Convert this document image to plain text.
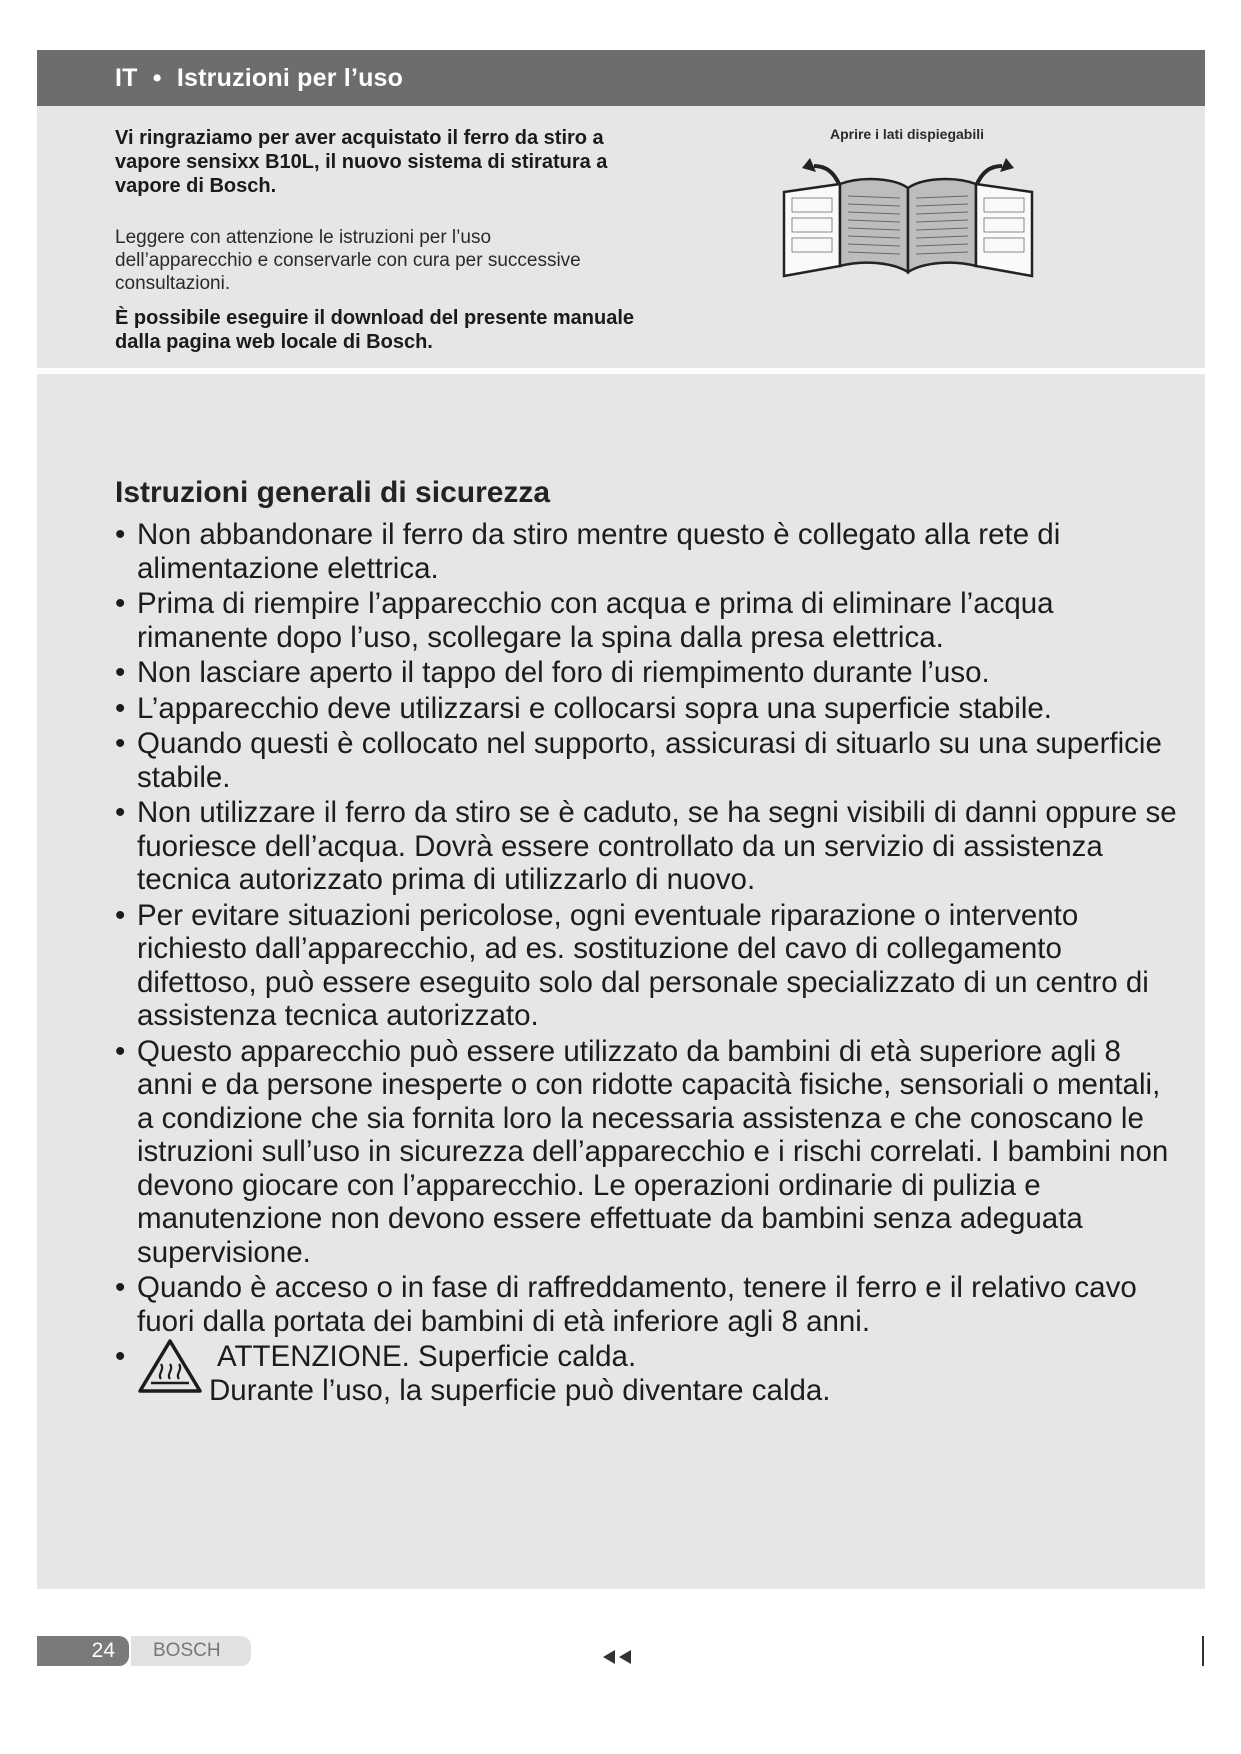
IT • Istruzioni per l’uso

Vi ringraziamo per aver acquistato il ferro da stiro a vapore sensixx B10L, il nuovo sistema di stiratura a vapore di Bosch.

Leggere con attenzione le istruzioni per l’uso dell’apparecchio e conservarle con cura per successive consultazioni.

È possibile eseguire il download del presente manuale dalla pagina web locale di Bosch.

Aprire i lati dispiegabili
Istruzioni generali di sicurezza
• Non abbandonare il ferro da stiro mentre questo è collegato alla rete di alimentazione elettrica.
• Prima di riempire l’apparecchio con acqua e prima di eliminare l’acqua rimanente dopo l’uso, scollegare la spina dalla presa elettrica.
• Non lasciare aperto il tappo del foro di riempimento durante l’uso.
• L’apparecchio deve utilizzarsi e collocarsi sopra una superficie stabile.
• Quando questi è collocato nel supporto, assicurasi di situarlo su una superficie stabile.
• Non utilizzare il ferro da stiro se è caduto, se ha segni visibili di danni oppure se fuoriesce dell’acqua. Dovrà essere controllato da un servizio di assistenza tecnica autorizzato prima di utilizzarlo di nuovo.
• Per evitare situazioni pericolose, ogni eventuale riparazione o intervento richiesto dall’apparecchio, ad es. sostituzione del cavo di collegamento difettoso, può essere eseguito solo dal personale specializzato di un centro di assistenza tecnica autorizzato.
• Questo apparecchio può essere utilizzato da bambini di età superiore agli 8 anni e da persone inesperte o con ridotte capacità fisiche, sensoriali o mentali, a condizione che sia fornita loro la necessaria assistenza e che conoscano le istruzioni sull’uso in sicurezza dell’apparecchio e i rischi correlati. I bambini non devono giocare con l’apparecchio. Le operazioni ordinarie di pulizia e manutenzione non devono essere effettuate da bambini senza adeguata supervisione.
• Quando è acceso o in fase di raffreddamento, tenere il ferro e il relativo cavo fuori dalla portata dei bambini di età inferiore agli 8 anni.
•	ATTENZIONE. Superficie calda.
Durante l’uso, la superficie può diventare calda.
24	BOSCH	◂◂
